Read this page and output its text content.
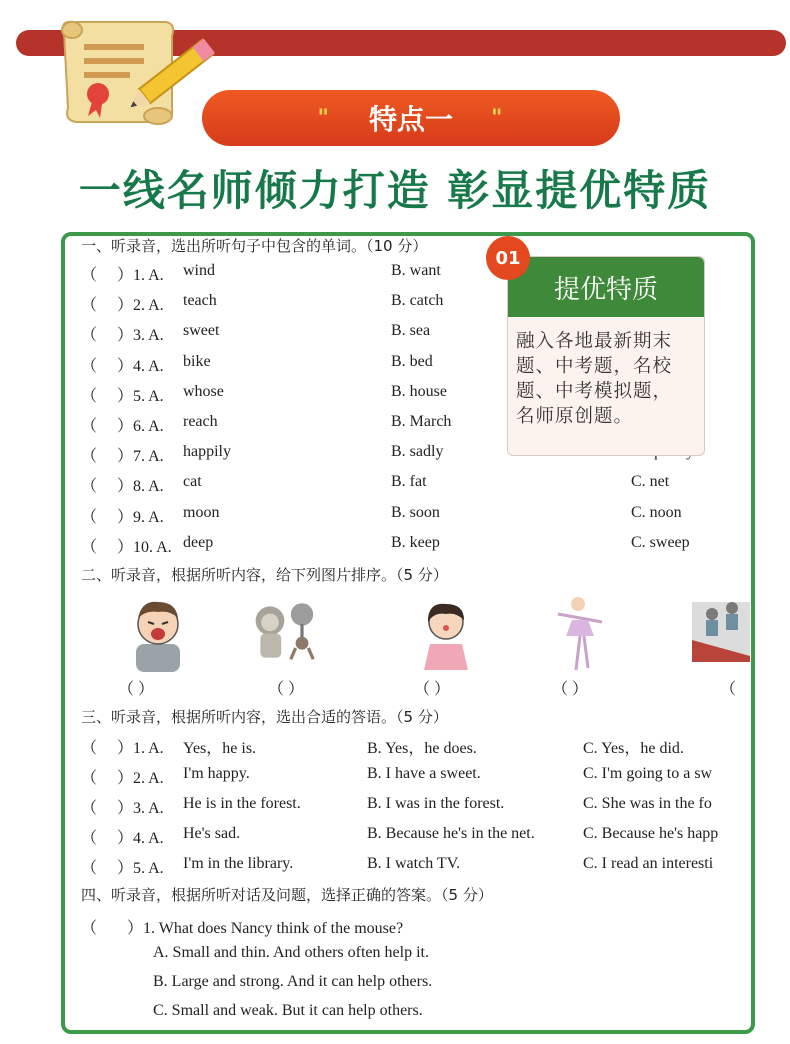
" 特点一 "
一线名师倾力打造 彰显提优特质
一、听录音，选出所听句子中包含的单词。（10 分）
（ ）1. A. wind	B. want
（ ）2. A. teach	B. catch
（ ）3. A. sweet	B. sea
（ ）4. A. bike	B. bed
（ ）5. A. whose	B. house
（ ）6. A. reach	B. March
（ ）7. A. happily	B. sadly
（ ）8. A. cat	B. fat	C. net
（ ）9. A. moon	B. soon	C. noon
（ ）10. A. deep	B. keep	C. sweep
二、听录音，根据所听内容，给下列图片排序。（5 分）
三、听录音，根据所听内容，选出合适的答语。（5 分）
（ ）1. A. Yes，he is.	B. Yes，he does.	C. Yes，he did.
（ ）2. A. I'm happy.	B. I have a sweet.	C. I'm going to a sw
（ ）3. A. He is in the forest.	B. I was in the forest.	C. She was in the fo
（ ）4. A. He's sad.	B. Because he's in the net.	C. Because he's happ
（ ）5. A. I'm in the library.	B. I watch TV.	C. I read an interesti
四、听录音，根据所听对话及问题，选择正确的答案。（5 分）
（ ）1. What does Nancy think of the mouse?
A. Small and thin. And others often help it.
B. Large and strong. And it can help others.
C. Small and weak. But it can help others.
（ ）	（ ）	（ ）	（ ）	（
01
提优特质
融入各地最新期末
题、中考题，名校
题、中考模拟题，
名师原创题。
